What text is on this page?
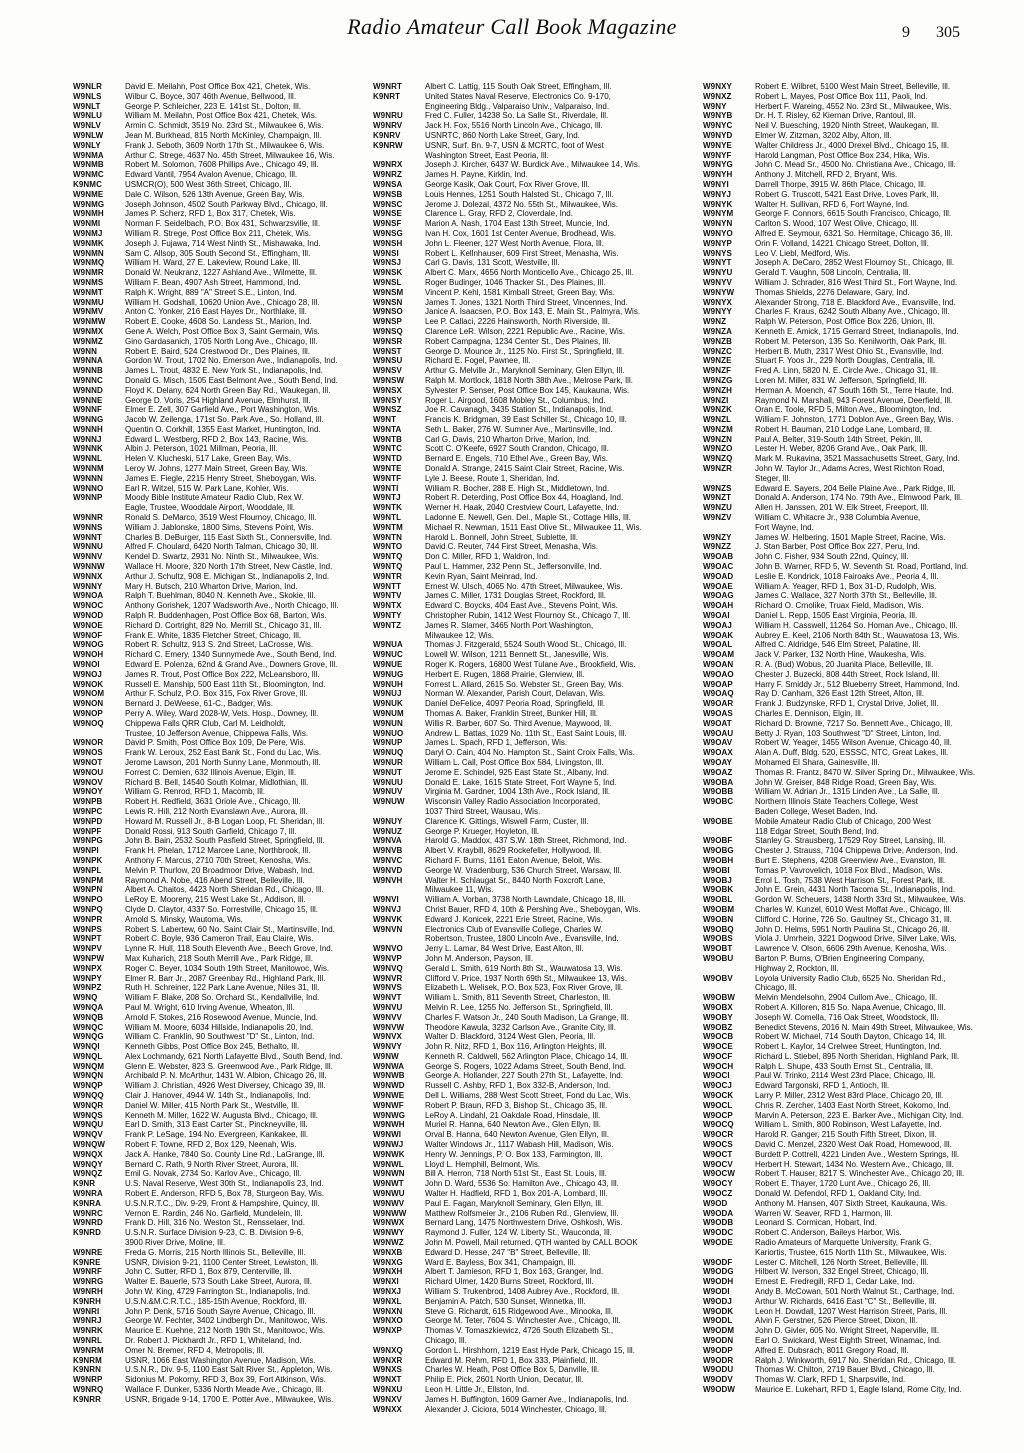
Radio Amateur Call Book Magazine	9 305
W9NLR	David E. Meilahn, Post Office Box 421, Chetek, Wis.
W9NLS	Wilbur C. Boyce, 307 46th Avenue, Bellwood, Ill.
W9NLT	George P. Schleicher, 223 E. 141st St., Dolton, Ill.
W9NLU	William M. Meilahn, Post Office Box 421, Chetek, Wis.
W9NLV	Armin C. Schmidt, 3519 No. 23rd St., Milwaukee 6, Wis.
W9NLW	Jean M. Burkhead, 815 North McKinley, Champaign, Ill.
W9NLY	Frank J. Seboth, 3609 North 17th St., Milwaukee 6, Wis.
W9NMA	Arthur C. Strege, 4637 No. 45th Street, Milwaukee 16, Wis.
W9NMB	Robert M. Solomon, 7608 Phillips Ave., Chicago 49, Ill.
W9NMC	Edward Vantil, 7954 Avalon Avenue, Chicago, Ill.
K9NMC	USMCR(O), 500 West 36th Street, Chicago, Ill.
W9NME	Dale C. Wilson, 526 13th Avenue, Green Bay, Wis.
W9NMG	Joseph Johnson, 4502 South Parkway Blvd., Chicago, Ill.
W9NMH	James P. Scherz, RFD 1, Box 317, Chetek, Wis.
W9NMI	Norman F. Seidelbach, P.O. Box 431, Schwarzsville, Ill.
W9NMJ	William R. Strege, Post Office Box 211, Chetek, Wis.
W9NMK	Joseph J. Fujawa, 714 West Ninth St., Mishawaka, Ind.
W9NMN	Sam C. Allsop, 305 South Second St., Effingham, Ill.
W9NMQ	William H. Ward, 27 E. Lakeview, Round Lake, Ill.
W9NMR	Donald W. Neukranz, 1227 Ashland Ave., Wilmette, Ill.
W9NMS	William F. Bean, 4907 Ash Street, Hammond, Ind.
W9NMT	Ralph K. Wright, 889 "A" Street S.E., Linton, Ind.
W9NMU	William H. Godshall, 10620 Union Ave., Chicago 28, Ill.
W9NMV	Anton C. Yonker, 216 East Hayes Dr., Northlake, Ill.
W9NMW	Robert E. Cooke, 4608 So. Landess St., Marion, Ind.
W9NMX	Gene A. Welch, Post Office Box 3, Saint Germain, Wis.
W9NMZ	Gino Gardasanich, 1705 North Long Ave., Chicago, Ill.
W9NN	Robert E. Baird, 524 Crestwood Dr., Des Plaines, Ill.
W9NNA	Gordon W. Trout, 1702 No. Emerson Ave., Indianapolis, Ind.
W9NNB	James L. Trout, 4832 E. New York St., Indianapolis, Ind.
W9NNC	Donald G. Misch, 1505 East Belmont Ave., South Bend, Ind.
W9NND	Floyd K. Delany, 624 North Green Bay Rd., Waukegan, Ill.
W9NNE	George D. Voris, 254 Highland Avenue, Elmhurst, Ill.
W9NNF	Elmer E. Zell, 307 Garfield Ave., Port Washington, Wis.
W9NNG	Jacob W. Zeilenga, 171st So. Park Ave., So. Holland, Ill.
W9NNH	Quentin O. Corkhill, 1355 East Market, Huntington, Ind.
W9NNJ	Edward L. Westberg, RFD 2, Box 143, Racine, Wis.
W9NNK	Albin J. Peterson, 1021 Millman, Peoria, Ill.
W9NNL	Helen V. Klucheski, 517 Lake, Green Bay, Wis.
W9NNM	Leroy W. Johns, 1277 Main Street, Green Bay, Wis.
W9NNN	James E. Fiegle, 2215 Henry Street, Sheboygan, Wis.
W9NNO	Earl R. Witzel, 515 W. Park Lane, Kohler, Wis.
W9NNP	Moody Bible Institute Amateur Radio Club, Rex W.
Eagle, Trustee, Wooddale Airport, Wooddale, Ill.
W9NNR	Ronald S. DeMarco, 3519 West Flournoy, Chicago, Ill.
W9NNS	William J. Jablonske, 1800 Sims, Stevens Point, Wis.
W9NNT	Charles B. DeBurger, 115 East Sixth St., Connersville, Ind.
W9NNU	Alfred F. Choulard, 6420 North Talman, Chicago 30, Ill.
W9NNV	Kendel D. Swartz, 2931 No. Ninth St., Milwaukee, Wis.
W9NNW	Wallace H. Moore, 320 North 17th Street, New Castle, Ind.
W9NNX	Arthur J. Schultz, 908 E. Michigan St., Indianapolis 2, Ind.
W9NNY	Mary H. Butsch, 210 Wharton Drive, Marion, Ind.
W9NOA	Ralph T. Buehlman, 8040 N. Kenneth Ave., Skokie, Ill.
W9NOC	Anthony Gorishek, 1207 Wadsworth Ave., North Chicago, Ill.
W9NOD	Ralph R. Buddenhagen, Post Office Box 68, Barton, Wis.
W9NOE	Richard D. Cortright, 829 No. Merrill St., Chicago 31, Ill.
W9NOF	Frank E. White, 1835 Fletcher Street, Chicago, Ill.
W9NOG	Robert R. Schultz, 913 S. 2nd Street, LaCrosse, Wis.
W9NOH	Richard C. Emery, 1340 Sunnymede Ave., South Bend, Ind.
W9NOI	Edward E. Polenza, 62nd & Grand Ave., Downers Grove, Ill.
W9NOJ	James R. Trout, Post Office Box 222, McLeansboro, Ill.
W9NOK	Russell E. Manship, 500 East 11th St., Bloomington, Ind.
W9NOM	Arthur F. Schulz, P.O. Box 315, Fox River Grove, Ill.
W9NON	Bernard J. DeWeese, 61-C., Badger, Wis.
W9NOP	Perry A. Wiley, Ward 2028-W, Vets. Hosp., Downey, Ill.
W9NOQ	Chippewa Falls QRR Club, Carl M. Leidholdt,
Trustee, 10 Jefferson Avenue, Chippewa Falls, Wis.
W9NOR	David P. Smith, Post Office Box 109, De Pere, Wis.
W9NOS	Frank W. Leroux, 252 East Bank St., Fond du Lac, Wis.
W9NOT	Jerome Lawson, 201 North Sunny Lane, Monmouth, Ill.
W9NOU	Forrest C. Demien, 632 Illinois Avenue, Elgin, Ill.
W9NOV	Richard B. Bell, 14540 South Kolmar, Midlothian, Ill.
W9NOY	William G. Renrod, RFD 1, Macomb, Ill.
W9NPB	Robert H. Redfield, 3631 Oriole Ave., Chicago, Ill.
W9NPC	Lewis R. Hill, 212 North Evanslawn Ave., Aurora, Ill.
W9NPD	Howard M. Russell Jr., 8-B Logan Loop, Ft. Sheridan, Ill.
W9NPF	Donald Rossi, 913 South Garfield, Chicago 7, Ill.
W9NPG	John B. Bain, 2532 South Pasfield Street, Springfield, Ill.
W9NPI	Frank H. Phelan, 1712 Marcee Lane, Northbrook, Ill.
W9NPK	Anthony F. Marcus, 2710 70th Street, Kenosha, Wis.
W9NPL	Melvin P. Thurlow, 20 Broadmoor Drive, Wabash, Ind.
W9NPM	Raymond A. Nobe, 416 Abend Street, Belleville, Ill.
W9NPN	Albert A. Chaitos, 4423 North Sheridan Rd., Chicago, Ill.
W9NPO	LeRoy E. Mooreny, 215 West Lake St., Addison, Ill.
W9NPQ	Clyde D. Claytor, 4337 So. Forrestville, Chicago 15, Ill.
W9NPR	Arnold S. Minsky, Wautoma, Wis.
W9NPS	Robert S. Labertew, 60 No. Saint Clair St., Martinsville, Ind.
W9NPT	Robert C. Boyle, 936 Cameron Trail, Eau Claire, Wis.
W9NPV	Lynne R. Hull, 118 South Eleventh Ave., Beech Grove, Ind.
W9NPW	Max Kuharich, 218 South Merrill Ave., Park Ridge, Ill.
W9NPX	Roger C. Beyer, 1034 South 19th Street, Manitowoc, Wis.
W9NPY	Elmer R. Barr Jr., 2087 Greenbay Rd., Highland Park, Ill.
W9NPZ	Ruth H. Schreiner, 122 Park Lane Avenue, Niles 31, Ill.
W9NQ	William F. Blake, 208 So. Orchard St., Kendallville, Ind.
W9NQA	Paul M. Wright, 610 Irving Avenue, Wheaton, Ill.
W9NQB	Arnold F. Stokes, 216 Rosewood Avenue, Muncie, Ind.
W9NQC	William M. Moore, 6034 Hillside, Indianapolis 20, Ind.
W9NQG	William C. Franklin, 90 Southwest "D" St., Linton, Ind.
W9NQI	Kenneth Gibbs, Post Office Box 245, Bethalto, Ill.
W9NQL	Alex Lochmandy, 621 North Lafayette Blvd., South Bend, Ind.
W9NQM	Glenn E. Webster, 823 S. Greenwood Ave., Park Ridge, Ill.
W9NQN	Archibald P. N. McArthur, 1431 W. Albion, Chicago 26, Ill.
W9NQP	William J. Christian, 4926 West Diversey, Chicago 39, Ill.
W9NQQ	Clair J. Hanover, 4944 W. 14th St., Indianapolis, Ind.
W9NQR	Daniel W. Miller, 415 North Park St., Westville, Ill.
W9NQS	Kenneth M. Miller, 1622 W. Augusta Blvd., Chicago, Ill.
W9NQU	Earl D. Smith, 313 East Carter St., Pinckneyville, Ill.
W9NQV	Frank P. LeSage, 194 No. Evergreen, Kankakee, Ill.
W9NQW	Robert F. Towne, RFD 2, Box 129, Neenah, Wis.
W9NQX	Jack A. Hanke, 7840 So. County Line Rd., LaGrange, Ill.
W9NQY	Bernard C. Rath, 9 North River Street, Aurora, Ill.
W9NQZ	Emil G. Novak, 2734 So. Karlov Ave., Chicago, Ill.
K9NR	U.S. Naval Reserve, West 30th St., Indianapolis 23, Ind.
W9NRA	Robert E. Anderson, RFD 5, Box 78, Sturgeon Bay, Wis.
K9NRA	U.S.N.R.T.C., Div. 9-29, Front & Hampshire, Quincy, Ill.
W9NRC	Vernon E. Rardin, 246 No. Garfield, Mundelein, Ill.
W9NRD	Frank D. Hill, 316 No. Weston St., Rensselaer, Ind.
K9NRD	U.S.N.R. Surface Division 9-23, C. B. Division 9-6,
3900 River Drive, Moline, Ill.
W9NRE	Freda G. Morris, 215 North Illinois St., Belleville, Ill.
K9NRE	USNR, Division 9-21, 1100 Center Street, Lewiston, Ill.
W9NRF	John C. Sutter, RFD 1, Box 879, Centerville, Ill.
W9NRG	Walter E. Bauerle, 573 South Lake Street, Aurora, Ill.
W9NRH	John W. King, 4729 Farrington St., Indianapolis, Ind.
K9NRH	U.S.N.&M.C.R.T.C., 185-15th Avenue, Rockford, Ill.
W9NRI	John P. Denk, 5716 South Sayre Avenue, Chicago, Ill.
W9NRJ	George W. Fechter, 3402 Lindbergh Dr., Manitowoc, Wis.
W9NRK	Maurice E. Kuehne, 212 North 19th St., Manitowoc, Wis.
W9NRL	Dr. Robert J. Pickhardt Jr., RFD 1, Whiteland, Ind.
W9NRM	Omer N. Bremer, RFD 4, Metropolis, Ill.
K9NRM	USNR, 1066 East Washington Avenue, Madison, Wis.
K9NRN	U.S.N.R., Div. 9-5, 1100 East Salt River St., Appleton, Wis.
W9NRP	Sidonius M. Pokorny, RFD 3, Box 39, Fort Atkinson, Wis.
W9NRQ	Wallace F. Dunker, 5336 North Meade Ave., Chicago, Ill.
K9NRR	USNR, Brigade 9-14, 1700 E. Potter Ave., Milwaukee, Wis.
W9NRT	Albert C. Lattig, 115 South Oak Street, Effingham, Ill.
K9NRT	United States Naval Reserve, Electronics Co. 9-170,
Engineering Bldg., Valparaiso Univ., Valparaiso, Ind.
W9NRU	Fred C. Fuller, 14238 So. La Salle St., Riverdale, Ill.
W9NRV	Jack H. Fox, 5516 North Lincoln Ave., Chicago, Ill.
K9NRV	USNRTC, 860 North Lake Street, Gary, Ind.
K9NRW	USNR, Surf. Bn. 9-7, USN & MCRTC, foot of West
Washington Street, East Peoria, Ill.
W9NRX	Joseph J. Kircher, 6437 W. Burdick Ave., Milwaukee 14, Wis.
W9NRZ	James H. Payne, Kirklin, Ind.
W9NSA	George Kasik, Oak Court, Fox River Grove, Ill.
W9NSB	Louis Hennes, 1251 South Halsted St., Chicago 7, Ill.
W9NSC	Jerome J. Dolezal, 4372 No. 55th St., Milwaukee, Wis.
W9NSE	Clarence L. Gray, RFD 2, Cloverdale, Ind.
W9NSF	Marion A. Nash, 1704 East 13th Street, Muncie, Ind.
W9NSG	Ivan H. Cox, 1601 1st Center Avenue, Brodhead, Wis.
W9NSH	John L. Fleener, 127 West North Avenue, Flora, Ill.
W9NSI	Robert L. Kellnhauser, 609 First Street, Menasha, Wis.
W9NSJ	Carl G. Davis, 131 Scott, Westville, Ill.
W9NSK	Albert C. Marx, 4656 North Monticello Ave., Chicago 25, Ill.
W9NSL	Roger Budinger, 1046 Thacker St., Des Plaines, Ill.
W9NSM	Vincent P. Kehl, 1581 Kimball Street, Green Bay, Wis.
W9NSN	James T. Jones, 1321 North Third Street, Vincennes, Ind.
W9NSO	Janice A. Isaacsen, P.O. Box 143, E. Main St., Palmyra, Wis.
W9NSP	Lee P. Callaci, 2226 Hainsworth, North Riverside, Ill.
W9NSQ	Clarence LeR. Wilson, 2221 Republic Ave., Racine, Wis.
W9NSR	Robert Campagna, 1234 Center St., Des Plaines, Ill.
W9NST	George D. Mounce Jr., 1125 No. First St., Springfield, Ill.
W9NSU	Richard E. Fogel, Pawnee, Ill.
W9NSV	Arthur G. Melville Jr., Maryknoll Seminary, Glen Ellyn, Ill.
W9NSW	Ralph M. Mortlock, 1818 North 38th Ave., Melrose Park, Ill.
W9NSX	Sylvester P. Senser, Post Office Box 145, Kaukauna, Wis.
W9NSY	Roger L. Airgood, 1608 Mobley St., Columbus, Ind.
W9NSZ	Joe R. Cavanagh, 3435 Station St., Indianapolis, Ind.
W9NT	Francis K. Bridgman, 39 East Schiller St., Chicago 10, Ill.
W9NTA	Seth L. Baker, 276 W. Sumner Ave., Martinsville, Ind.
W9NTB	Carl G. Davis, 210 Wharton Drive, Marion, Ind.
W9NTC	Scott C. O'Keefe, 6927 South Crandon, Chicago, Ill.
W9NTD	Bernard E. Engels, 710 Ethel Ave., Green Bay, Wis.
W9NTE	Donald A. Strange, 2415 Saint Clair Street, Racine, Wis.
W9NTF	Lyle J. Beese, Route 1, Sheridan, Ind.
W9NTI	William R. Bocher, 288 E. High St., Middletown, Ind.
W9NTJ	Robert R. Deterding, Post Office Box 44, Hoagland, Ind.
W9NTK	Werner H. Haak, 2040 Crestview Court, Lafayette, Ind.
W9NTL	Ladonne E. Newell, Gen. Del., Maple St., Cottage Hills, Ill.
W9NTM	Michael R. Newman, 1511 East Olive St., Milwaukee 11, Wis.
W9NTN	Harold L. Bonnell, John Street, Sublette, Ill.
W9NTO	David C. Reuter, 744 First Street, Menasha, Wis.
W9NTQ	Don C. Miller, RFD 1, Waldron, Ind.
W9NTQ	Paul L. Hammer, 232 Penn St., Jeffersonville, Ind.
W9NTR	Kevin Ryan, Saint Meinrad, Ind.
W9NTT	Ernest W. Ulsch, 4065 No. 47th Street, Milwaukee, Wis.
W9NTV	James C. Miller, 1731 Douglas Street, Rockford, Ill.
W9NTX	Edward C. Boycks, 404 East Ave., Stevens Point, Wis.
W9NTY	Christopher Rubin, 1412 West Flournoy St., Chicago 7, Ill.
W9NTZ	James R. Slamer, 3465 North Port Washington,
Milwaukee 12, Wis.
W9NUA	Thomas J. Fitzgerald, 5524 South Wood St., Chicago, Ill.
W9NUC	Lowell W. Wilson, 1211 Bennett St., Janesville, Wis.
W9NUE	Roger K. Rogers, 16800 West Tulane Ave., Brookfield, Wis.
W9NUG	Herbert E. Rugen, 1868 Prairie, Glenview, Ill.
W9NUH	Forrest L. Allard, 2615 So. Webster St., Green Bay, Wis.
W9NUJ	Norman W. Alexander, Parish Court, Delavan, Wis.
W9NUK	Daniel DeFelice, 4097 Peoria Road, Springfield, Ill.
W9NUM	Thomas A. Baker, Franklin Street, Bunker Hill, Ill.
W9NUN	Willis R. Barber, 607 So. Third Avenue, Maywood, Ill.
W9NUO	Andrew L. Battas, 1029 No. 11th St., East Saint Louis, Ill.
W9NUP	James L. Spach, RFD 1, Jefferson, Wis.
W9NUQ	Daryl O. Cain, 404 No. Hampton St., Saint Croix Falls, Wis.
W9NUR	William L. Call, Post Office Box 584, Livingston, Ill.
W9NUT	Jerome E. Schindel, 925 East State St., Albany, Ind.
W9NUU	Donald E. Lake, 1615 State Street, Fort Wayne 5, Ind.
W9NUV	Virginia M. Gardner, 1004 13th Ave., Rock Island, Ill.
W9NUW	Wisconsin Valley Radio Association Incorporated,
1037 Third Street, Wausau, Wis.
W9NUY	Clarence K. Gittings, Wiswell Farm, Custer, Ill.
W9NUZ	George P. Krueger, Hoyleton, Ill.
W9NVA	Harold G. Maddox, 437 S.W. 18th Street, Richmond, Ind.
W9NVB	Albert V. Kraybill, 8629 Rockefeller, Hollywood, Ill.
W9NVC	Richard F. Burns, 1161 Eaton Avenue, Beloit, Wis.
W9NVD	George W. Vradenburg, 536 Church Street, Warsaw, Ill.
W9NVH	Walter H. Schlaugat Sr., 8440 North Foxcroft Lane,
Milwaukee 11, Wis.
W9NVI	William A. Vorban, 3738 North Lawndale, Chicago 18, Ill.
W9NVJ	Christ Bauer, RFD 4, 10th & Pershing Ave., Sheboygan, Wis.
W9NVK	Edward J. Konicek, 2221 Erie Street, Racine, Wis.
W9NVN	Electronics Club of Evansville College, Charles W.
Robertson, Trustee, 1800 Lincoln Ave., Evansville, Ind.
W9NVO	Jerry L. Lamar, 84 West Drive, East Alton, Ill.
W9NVP	John M. Anderson, Payson, Ill.
W9NVQ	Gerald L. Smith, 619 North 8th St., Wauwatosa 13, Wis.
W9NVR	Clifford V. Price, 1937 North 69th St., Milwaukee 13, Wis.
W9NVS	Elizabeth L. Welisek, P.O. Box 523, Fox River Grove, Ill.
W9NVT	William L. Smith, 811 Seventh Street, Charleston, Ill.
W9NVU	Melvin R. Lee, 1255 No. Jefferson St., Springfield, Ill.
W9NVV	Charles F. Watson Jr., 240 South Madison, La Grange, Ill.
W9NVW	Theodore Kawula, 3232 Carlson Ave., Granite City, Ill.
W9NVX	Walter D. Blackford, 3124 West Glen, Peoria, Ill.
W9NVY	John R. Nitz, RFD 1, Box 116, Arlington Heights, Ill.
W9NW	Kenneth R. Caldwell, 562 Arlington Place, Chicago 14, Ill.
W9NWA	George S. Rogers, 1022 Adams Street, South Bend, Ind.
W9NWB	George A. Hollander, 227 South 27th St., Lafayette, Ind.
W9NWD	Russell C. Ashby, RFD 1, Box 332-B, Anderson, Ind.
W9NWE	Dell L. Williams, 288 West Scott Street, Fond du Lac, Wis.
W9NWF	Robert P. Braun, RFD 3, Bishop St., Chicago 35, Ill.
W9NWG	LeRoy A. Lindahl, 21 Oakdale Road, Hinsdale, Ill.
W9NWH	Muriel R. Hanna, 640 Newton Ave., Glen Ellyn, Ill.
W9NWI	Orval B. Hanna, 640 Newton Avenue, Glen Ellyn, Ill.
W9NWJ	Walter Windows Jr., 1117 Wabash Hill, Madison, Wis.
W9NWK	Henry W. Jennings, P. O. Box 133, Farmington, Ill.
W9NWL	Lloyd L. Hemphill, Belmont, Wis.
W9NWN	Bill A. Herron, 718 North 51st St., East St. Louis, Ill.
W9NWT	John D. Ward, 5536 So. Hamilton Ave., Chicago 43, Ill.
W9NWU	Walter H. Hadfield, RFD 1, Box 201-A, Lombard, Ill.
W9NWV	Paul E. Fagan, Maryknoll Seminary, Glen Ellyn, Ill.
W9NWW	Matthew Rolfsmeier Jr., 2106 Ruben Rd., Glenview, Ill.
W9NWX	Bernard Lang, 1475 Northwestern Drive, Oshkosh, Wis.
W9NWY	Raymond J. Fuller, 124 W. Liberty St., Wauconda, Ill.
W9NWZ	John M. Powell, Mail returned. QTH wanted by CALL BOOK
W9NXB	Edward D. Hesse, 247 "B" Street, Belleville, Ill.
W9NXG	Ward E. Bayless, Box 341, Champaign, Ill.
W9NXH	Albert T. Jamieson, RFD 1, Box 163, Granger, Ind.
W9NXI	Richard Ulmer, 1420 Burns Street, Rockford, Ill.
W9NXJ	William S. Trukenbrod, 1408 Aubrey Ave., Rockford, Ill.
W9NXL	Benjamin A. Patch, 530 Sunset, Winnetka, Ill.
W9NXN	Steve G. Richardt, 615 Ridgewood Ave., Minooka, Ill.
W9NXO	George M. Teter, 7604 S. Winchester Ave., Chicago, Ill.
W9NXP	Thomas V. Tomaszkiewicz, 4726 South Elizabeth St.,
Chicago, Ill.
W9NXQ	Gordon L. Hirshhorn, 1219 East Hyde Park, Chicago 15, Ill.
W9NXR	Edward M. Rehm, RFD 1, Box 333, Plainfield, Ill.
W9NXS	Charles W. Heath, Post Office Box 5, Danville, Ill.
W9NXT	Philip E. Pick, 2601 North Union, Decatur, Ill.
W9NXU	Leon H. Little Jr., Ellston, Ind.
W9NXV	James H. Buffington, 1609 Garner Ave., Indianapolis, Ind.
W9NXX	Alexander J. Ciciora, 5014 Winchester, Chicago, Ill.
W9NXY	Robert E. Wilbret, 5100 West Main Street, Belleville, Ill.
W9NXZ	Robert L. Mayes, Post Office Box 111, Paoli, Ind.
W9NY	Herbert F. Wareing, 4552 No. 23rd St., Milwaukee, Wis.
W9NYB	Dr. H. T. Risley, 62 Kiernan Drive, Rantoul, Ill.
W9NYC	Neil V. Buesching, 1920 Ninth Street, Waukegan, Ill.
W9NYD	Elmer W. Zitzman, 3202 Alby, Alton, Ill.
W9NYE	Walter Childress Jr., 4000 Drexel Blvd., Chicago 15, Ill.
W9NYF	Harold Langman, Post Office Box 234, Hika, Wis.
W9NYG	John C. Mead Sr., 4500 No. Christiana Ave., Chicago, Ill.
W9NYH	Anthony J. Mitchell, RFD 2, Bryant, Wis.
W9NYI	Darrell Thorpe, 3915 W. 86th Place, Chicago, Ill.
W9NYJ	Robert G. Truscott, 5421 East Drive, Loves Park, Ill.
W9NYK	Walter H. Sullivan, RFD 6, Fort Wayne, Ind.
W9NYM	George F. Connors, 6615 South Francisco, Chicago, Ill.
W9NYN	Carlton S. Wood, 107 West Olive, Chicago, Ill.
W9NYO	Alfred E. Seymour, 6321 So. Hermitage, Chicago 36, Ill.
W9NYP	Orin F. Volland, 14221 Chicago Street, Dolton, Ill.
W9NYS	Leo V. Liebl, Medford, Wis.
W9NYT	Joseph A. DeCaro, 2852 West Flournoy St., Chicago, Ill.
W9NYU	Gerald T. Vaughn, 508 Lincoln, Centralia, Ill.
W9NYV	William J. Schrader, 816 West Third St., Fort Wayne, Ind.
W9NYW	Thomas Shields, 2276 Delaware, Gary, Ind.
W9NYX	Alexander Strong, 718 E. Blackford Ave., Evansville, Ind.
W9NYY	Charles F. Kraus, 6242 South Albany Ave., Chicago, Ill.
W9NZ	Ralph W. Peterson, Post Office Box 226, Union, Ill.
W9NZA	Kenneth E. Amick, 1715 Gerrard Street, Indianapolis, Ind.
W9NZB	Robert M. Peterson, 135 So. Kenilworth, Oak Park, Ill.
W9NZC	Herbert B. Muth, 2317 West Ohio St., Evansville, Ind.
W9NZE	Stuart F. Yoos Jr., 229 North Douglas, Centralia, Ill.
W9NZF	Fred A. Linn, 5820 N. E. Circle Ave., Chicago 31, Ill.
W9NZG	Loren M. Miller, 831 W. Jefferson, Springfield, Ill.
W9NZH	Herman A. Moench, 47 South 16th St., Terre Haute, Ind.
W9NZI	Raymond N. Marshall, 943 Forest Avenue, Deerfield, Ill.
W9NZK	Oran E. Toole, RFD 5, Milton Ave., Bloomington, Ind.
W9NZL	William F. Johnston, 1771 Doblon Ave., Green Bay, Wis.
W9NZM	Robert H. Bauman, 210 Lodge Lane, Lombard, Ill.
W9NZN	Paul A. Belter, 319-South 14th Street, Pekin, Ill.
W9NZO	Lester H. Weber, 8206 Grand Ave., Oak Park, Ill.
W9NZQ	Mark M. Rukavina, 3521 Massachusetts Street, Gary, Ind.
W9NZR	John W. Taylor Jr., Adams Acres, West Richton Road,
Steger, Ill.
W9NZS	Edward E. Sayers, 204 Belle Plaine Ave., Park Ridge, Ill.
W9NZT	Donald A. Anderson, 174 No. 79th Ave., Elmwood Park, Ill.
W9NZU	Allen H. Janssen, 201 W. Elk Street, Freeport, Ill.
W9NZV	William C. Whitacre Jr., 938 Columbia Avenue,
Fort Wayne, Ind.
W9NZY	James W. Helbering, 1501 Maple Street, Racine, Wis.
W9NZZ	J. Stan Barber, Post Office Box 227, Peru, Ind.
W9OAB	John C. Fisher, 934 South 22nd, Quincy, Ill.
W9OAC	John B. Warner, RFD 5, W. Seventh St. Road, Portland, Ind.
W9OAD	Leslie E. Kondrick, 1018 Fairoaks Ave., Peoria 4, Ill.
W9OAE	William A. Yeager, RFD 1, Box 31-D, Rudolph, Wis.
W9OAG	James C. Wallace, 327 North 37th St., Belleville, Ill.
W9OAH	Richard O. Crnolike, Truax Field, Madison, Wis.
W9OAI	Daniel L. Repp, 1505 East Virginia, Peoria, Ill.
W9OAJ	William H. Casswell, 11264 So. Homan Ave., Chicago, Ill.
W9OAK	Aubrey E. Keel, 2106 North 84th St., Wauwatosa 13, Wis.
W9OAL	Alfred C. Aldridge, 546 Elm Street, Palatine, Ill.
W9OAM	Jack V. Parker, 132 North Hine, Waukesha, Wis.
W9OAN	R. A. (Bud) Wobus, 20 Juanita Place, Belleville, Ill.
W9OAO	Chester J. Buzecki, 808 44th Street, Rock Island, Ill.
W9OAP	Harry F. Smiddy Jr., 512 Blueberry Street, Hammond, Ind.
W9OAQ	Ray D. Canham, 326 East 12th Street, Alton, Ill.
W9OAR	Frank J. Budzynske, RFD 1, Crystal Drive, Joliet, Ill.
W9OAS	Charles E. Dennison, Elgin, Ill.
W9OAT	Richard D. Browne, 7217 So. Bennett Ave., Chicago, Ill.
W9OAU	Betty J. Ryan, 103 Southwest "D" Street, Linton, Ind.
W9OAV	Robert W. Yeager, 1455 Wilson Avenue, Chicago 40, Ill.
W9OAX	Alan A. Duff, Bldg. 520, ESSSC, NTC, Great Lakes, Ill.
W9OAY	Mohamed El Shara, Gainesville, Ill.
W9OAZ	Thomas R. Frantz, 8470 W. Silver Spring Dr., Milwaukee, Wis.
W9OBA	John W. Greiser, 848 Ridge Road, Green Bay, Wis.
W9OBB	William W. Adrian Jr., 1315 Linden Ave., La Salle, Ill.
W9OBC	Northern Illinois State Teachers College, West
Baden College, Weset Baden, Ind.
W9OBE	Mobile Amateur Radio Club of Chicago, 200 West
118 Edgar Street, South Bend, Ind.
W9OBF	Stanley G. Strausberg, 17529 Roy Street, Lansing, Ill.
W9OBG	Chester J. Strauss, 7104 Chippewa Drive, Anderson, Ind.
W9OBH	Burt E. Stephens, 4208 Greenview Ave., Evanston, Ill.
W9OBI	Tomas P. Vavrovelich, 1018 Fox Blvd., Madison, Wis.
W9OBJ	Errol L. Tosh, 7538 West Harrison St., Forest Park, Ill.
W9OBK	John E. Grein, 4431 North Tacoma St., Indianapolis, Ind.
W9OBL	Gordon W. Scheuers, 1438 North 33rd St., Milwaukee, Wis.
W9OBM	Charles W. Kunzel, 6010 West Moffat Ave., Chicago, Ill.
W9OBN	Clifford C. Horine, 726 So. Gaultney St., Chicago 31, Ill.
W9OBQ	John D. Helms, 5951 North Paulina St., Chicago 26, Ill.
W9OBS	Viola J. Umrhein, 3221 Dogwood Drive, Silver Lake, Wis.
W9OBT	Lawrence V. Olson, 6606 29th Avenue, Kenosha, Wis.
W9OBU	Barton P. Burns, O'Brien Engineering Company,
Highway 2, Rockton, Ill.
W9OBV	Loyola University Radio Club, 6525 No. Sheridan Rd.,
Chicago, Ill.
W9OBW	Melvin Mendelsohn, 2904 Cullom Ave., Chicago, Ill.
W9OBX	Robert A. Killoren, 815 So. Napa Avenue, Chicago, Ill.
W9OBY	Joseph W. Comella, 716 Oak Street, Woodstock, Ill.
W9OBZ	Benedict Stevens, 2016 N. Main 49th Street, Milwaukee, Wis.
W9OCB	Robert W. Michael, 714 South Dayton, Chicago 14, Ill.
W9OCE	Robert L. Kaylor, 14 Crelwee Street, Huntington, Ind.
W9OCF	Richard L. Stiebel, 895 North Sheridan, Highland Park, Ill.
W9OCH	Ralph L. Shupe, 433 South Ernst St., Centralia, Ill.
W9OCI	Paul W. Trinko, 2114 West 23rd Place, Chicago, Ill.
W9OCJ	Edward Targonski, RFD 1, Antioch, Ill.
W9OCK	Larry P. Miller, 2312 West 83rd Place, Chicago 20, Ill.
W9OCL	Chris R. Zercher, 1403 East North Street, Kokomo, Ind.
W9OCP	Marvin A. Peterson, 223 E. Barker Ave., Michigan City, Ind.
W9OCQ	William L. Smith, 800 Robinson, West Lafayette, Ind.
W9OCR	Harold R. Ganger, 215 South Fifth Street, Dixon, Ill.
W9OCS	David C. Menzel, 2320 West Oak Road, Homewood, Ill.
W9OCT	Burdett P. Cottrell, 4221 Linden Ave., Western Springs, Ill.
W9OCV	Herbert H. Stewart, 1434 No. Western Ave., Chicago, Ill.
W9OCW	Robert T. Hauser, 8217 S. Winchester Ave., Chicago 20, Ill.
W9OCY	Robert E. Thayer, 1720 Lunt Ave., Chicago 26, Ill.
W9OCZ	Donald W. Defendol, RFD 1, Oakland City, Ind.
W9OD	Anthony M. Hansen, 407 Sixth Street, Kaukauna, Wis.
W9ODA	Warren W. Seaver, RFD 1, Harmon, Ill.
W9ODB	Leonard S. Cormican, Hobart, Ind.
W9ODC	Robert C. Anderson, Baileys Harbor, Wis.
W9ODE	Radio Amateurs of Marquette University, Frank G.
Kariortis, Trustee, 615 North 11th St., Milwaukee, Wis.
W9ODF	Lester C. Mitchell, 126 North Street, Belleville, Ill.
W9ODG	Hilbert W. Iverson, 332 Engel Street, Chicago, Ill.
W9ODH	Ernest E. Fredregill, RFD 1, Cedar Lake, Ind.
W9ODI	Andy B. McCowan, 501 North Walnut St., Carthage, Ind.
W9ODJ	Arthur W. Richards, 6416 East "C" St., Belleville, Ill.
W9ODK	Leon H. Dowdall, 1207 West Harrison Street, Paris, Ill.
W9ODL	Alvin F. Gerstner, 526 Pierce Street, Dixon, Ill.
W9ODM	John D. Givler, 605 No. Wright Street, Naperville, Ill.
W9ODN	Earl O. Swickard, West Eighth Street, Winamac, Ind.
W9ODP	Alfred E. Dubsrach, 8011 Gregory Road, Ill.
W9ODR	Ralph J. Winkworth, 6917 No. Sheridan Rd., Chicago, Ill.
W9ODU	Thomas W. Chilton, 2719 Bauer Blvd., Chicago, Ill.
W9ODV	Thomas W. Clark, RFD 1, Sharpsville, Ind.
W9ODW	Maurice E. Lukehart, RFD 1, Eagle Island, Rome City, Ind.
